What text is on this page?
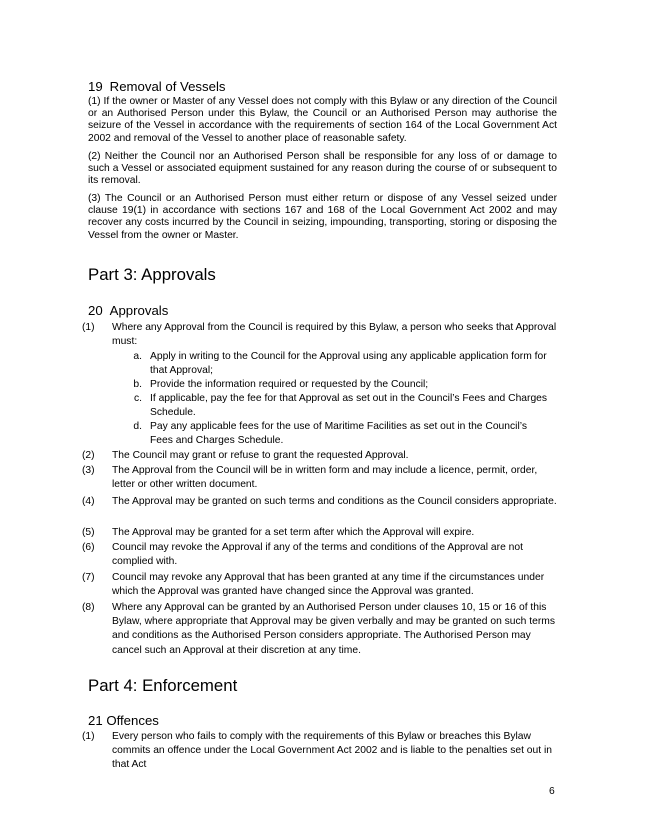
19 Removal of Vessels
(1) If the owner or Master of any Vessel does not comply with this Bylaw or any direction of the Council or an Authorised Person under this Bylaw, the Council or an Authorised Person may authorise the seizure of the Vessel in accordance with the requirements of section 164 of the Local Government Act 2002 and removal of the Vessel to another place of reasonable safety.
(2) Neither the Council nor an Authorised Person shall be responsible for any loss of or damage to such a Vessel or associated equipment sustained for any reason during the course of or subsequent to its removal.
(3) The Council or an Authorised Person must either return or dispose of any Vessel seized under clause 19(1) in accordance with sections 167 and 168 of the Local Government Act 2002 and may recover any costs incurred by the Council in seizing, impounding, transporting, storing or disposing the Vessel from the owner or Master.
Part 3: Approvals
20 Approvals
(1) Where any Approval from the Council is required by this Bylaw, a person who seeks that Approval must:
a. Apply in writing to the Council for the Approval using any applicable application form for that Approval;
b. Provide the information required or requested by the Council;
c. If applicable, pay the fee for that Approval as set out in the Council’s Fees and Charges Schedule.
d. Pay any applicable fees for the use of Maritime Facilities as set out in the Council’s Fees and Charges Schedule.
(2) The Council may grant or refuse to grant the requested Approval.
(3) The Approval from the Council will be in written form and may include a licence, permit, order, letter or other written document.
(4) The Approval may be granted on such terms and conditions as the Council considers appropriate.
(5) The Approval may be granted for a set term after which the Approval will expire.
(6) Council may revoke the Approval if any of the terms and conditions of the Approval are not complied with.
(7) Council may revoke any Approval that has been granted at any time if the circumstances under which the Approval was granted have changed since the Approval was granted.
(8) Where any Approval can be granted by an Authorised Person under clauses 10, 15 or 16 of this Bylaw, where appropriate that Approval may be given verbally and may be granted on such terms and conditions as the Authorised Person considers appropriate. The Authorised Person may cancel such an Approval at their discretion at any time.
Part 4: Enforcement
21 Offences
(1) Every person who fails to comply with the requirements of this Bylaw or breaches this Bylaw commits an offence under the Local Government Act 2002 and is liable to the penalties set out in that Act
6
